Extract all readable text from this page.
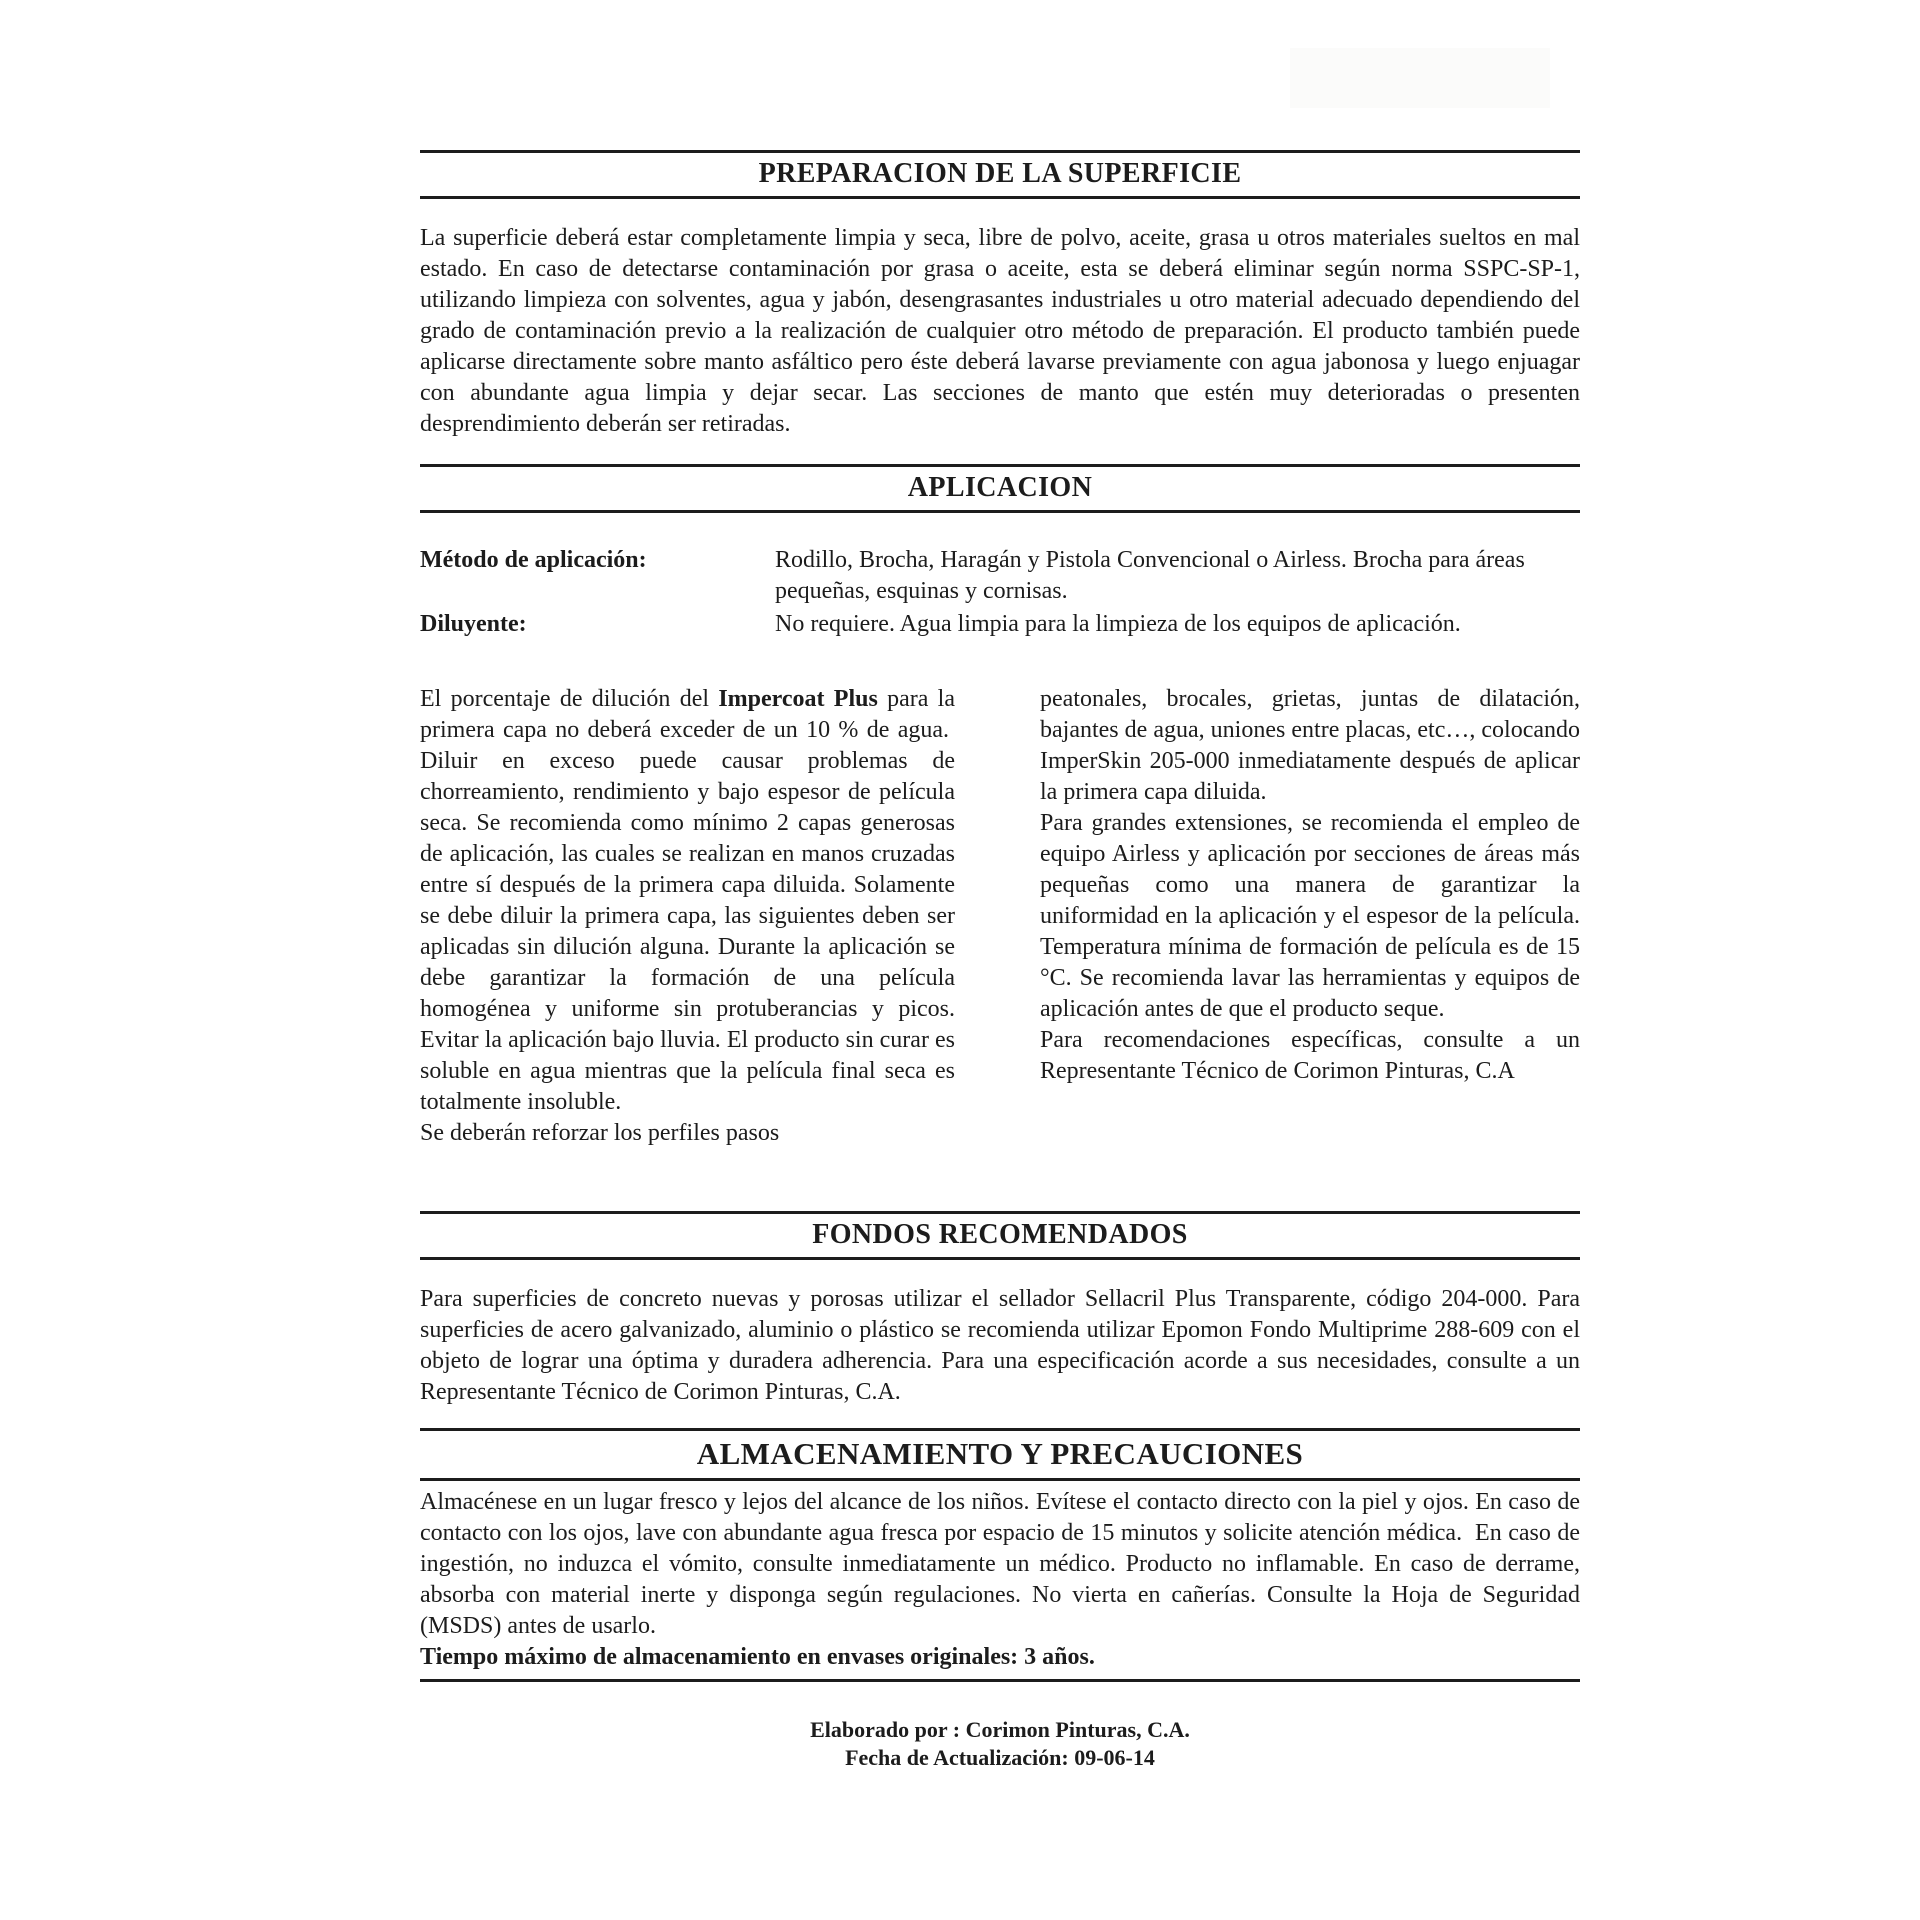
PREPARACION DE LA SUPERFICIE

La superficie deberá estar completamente limpia y seca, libre de polvo, aceite, grasa u otros materiales sueltos en mal estado. En caso de detectarse contaminación por grasa o aceite, esta se deberá eliminar según norma SSPC-SP-1, utilizando limpieza con solventes, agua y jabón, desengrasantes industriales u otro material adecuado dependiendo del grado de contaminación previo a la realización de cualquier otro método de preparación. El producto también puede aplicarse directamente sobre manto asfáltico pero éste deberá lavarse previamente con agua jabonosa y luego enjuagar con abundante agua limpia y dejar secar. Las secciones de manto que estén muy deterioradas o presenten desprendimiento deberán ser retiradas.

APLICACION
Método de aplicación:	Rodillo, Brocha, Haragán y Pistola Convencional o Airless. Brocha para áreas pequeñas, esquinas y cornisas.
Diluyente:	No requiere. Agua limpia para la limpieza de los equipos de aplicación.

El porcentaje de dilución del Impercoat Plus para la primera capa no deberá exceder de un 10 % de agua.  Diluir en exceso puede causar problemas de chorreamiento, rendimiento y bajo espesor de película seca. Se recomienda como mínimo 2 capas generosas de aplicación, las cuales se realizan en manos cruzadas entre sí después de la primera capa diluida. Solamente se debe diluir la primera capa, las siguientes deben ser aplicadas sin dilución alguna. Durante la aplicación se debe garantizar la formación de una película homogénea y uniforme sin protuberancias y picos. Evitar la aplicación bajo lluvia. El producto sin curar es soluble en agua mientras que la película final seca es totalmente insoluble.

Se deberán reforzar los perfiles pasos

peatonales, brocales, grietas, juntas de dilatación, bajantes de agua, uniones entre placas, etc…, colocando ImperSkin 205-000 inmediatamente después de aplicar la primera capa diluida.

Para grandes extensiones, se recomienda el empleo de equipo Airless y aplicación por secciones de áreas más pequeñas como una manera de garantizar la uniformidad en la aplicación y el espesor de la película. Temperatura mínima de formación de película es de 15 °C. Se recomienda lavar las herramientas y equipos de aplicación antes de que el producto seque.

Para recomendaciones específicas, consulte a un Representante Técnico de Corimon Pinturas, C.A

FONDOS RECOMENDADOS

Para superficies de concreto nuevas y porosas utilizar el sellador Sellacril Plus Transparente, código 204-000. Para superficies de acero galvanizado, aluminio o plástico se recomienda utilizar Epomon Fondo Multiprime 288-609 con el objeto de lograr una óptima y duradera adherencia. Para una especificación acorde a sus necesidades, consulte a un Representante Técnico de Corimon Pinturas, C.A.

ALMACENAMIENTO Y PRECAUCIONES

Almacénese en un lugar fresco y lejos del alcance de los niños. Evítese el contacto directo con la piel y ojos. En caso de contacto con los ojos, lave con abundante agua fresca por espacio de 15 minutos y solicite atención médica.  En caso de ingestión, no induzca el vómito, consulte inmediatamente un médico. Producto no inflamable. En caso de derrame, absorba con material inerte y disponga según regulaciones. No vierta en cañerías. Consulte la Hoja de Seguridad (MSDS) antes de usarlo.

Tiempo máximo de almacenamiento en envases originales: 3 años.

Elaborado por : Corimon Pinturas, C.A.

Fecha de Actualización: 09-06-14
